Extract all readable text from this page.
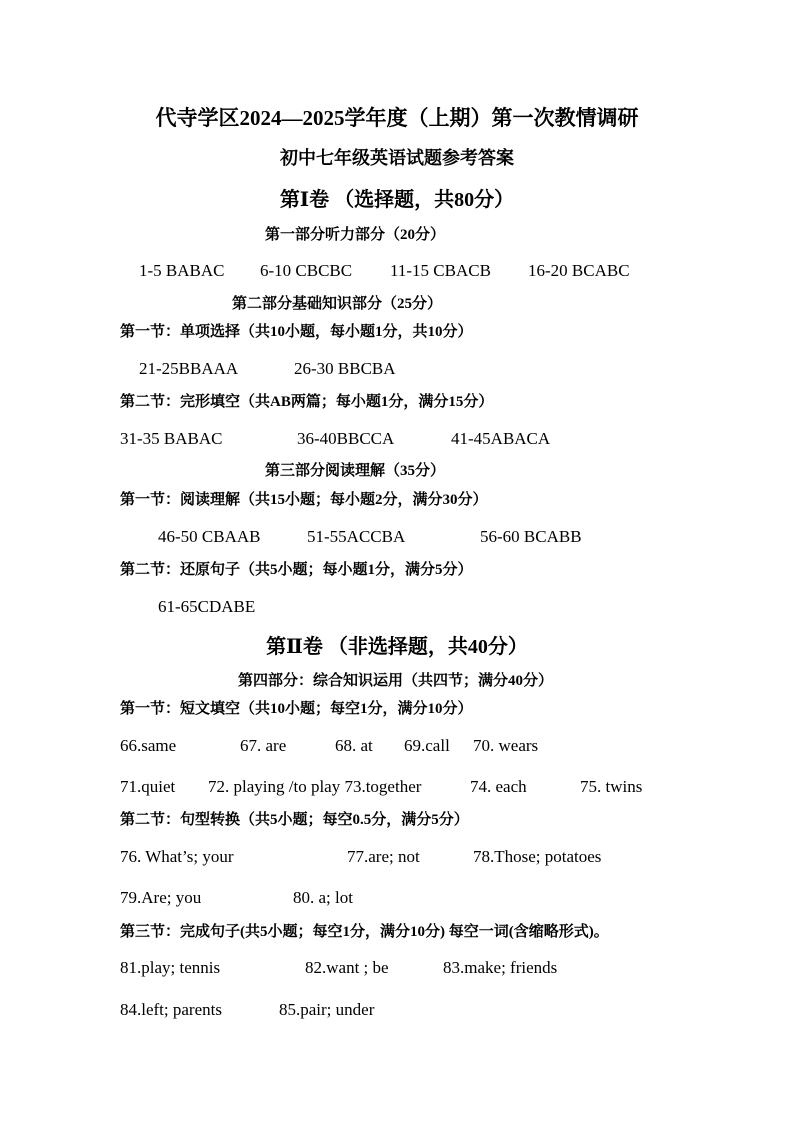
代寺学区2024—2025学年度（上期）第一次教情调研
初中七年级英语试题参考答案
第Ⅰ卷 （选择题，共80分）
第一部分听力部分（20分）
1-5 BABAC 6-10 CBCBC 11-15 CBACB 16-20 BCABC
第二部分基础知识部分（25分）
第一节：单项选择（共10小题，每小题1分，共10分）
21-25BBAAA	26-30 BBCBA
第二节：完形填空（共AB两篇；每小题1分，满分15分）
31-35 BABAC	36-40BBCCA	41-45ABACA
第三部分阅读理解（35分）
第一节：阅读理解（共15小题；每小题2分，满分30分）
46-50 CBAAB	51-55ACCBA	56-60 BCABB
第二节：还原句子（共5小题；每小题1分，满分5分）
61-65CDABE
第Ⅱ卷 （非选择题，共40分）
第四部分：综合知识运用（共四节；满分40分）
第一节：短文填空（共10小题；每空1分，满分10分）
66.same	67. are	68. at 69.call 70. wears
71.quiet 72. playing /to play 73.together	74. each	75. twins
第二节：句型转换（共5小题；每空0.5分，满分5分）
76. What’s; your	77.are; not	78.Those; potatoes
79.Are; you	80. a; lot
第三节：完成句子(共5小题；每空1分，满分10分) 每空一词(含缩略形式)。
81.play; tennis	82.want ; be	83.make; friends
84.left; parents	85.pair; under
